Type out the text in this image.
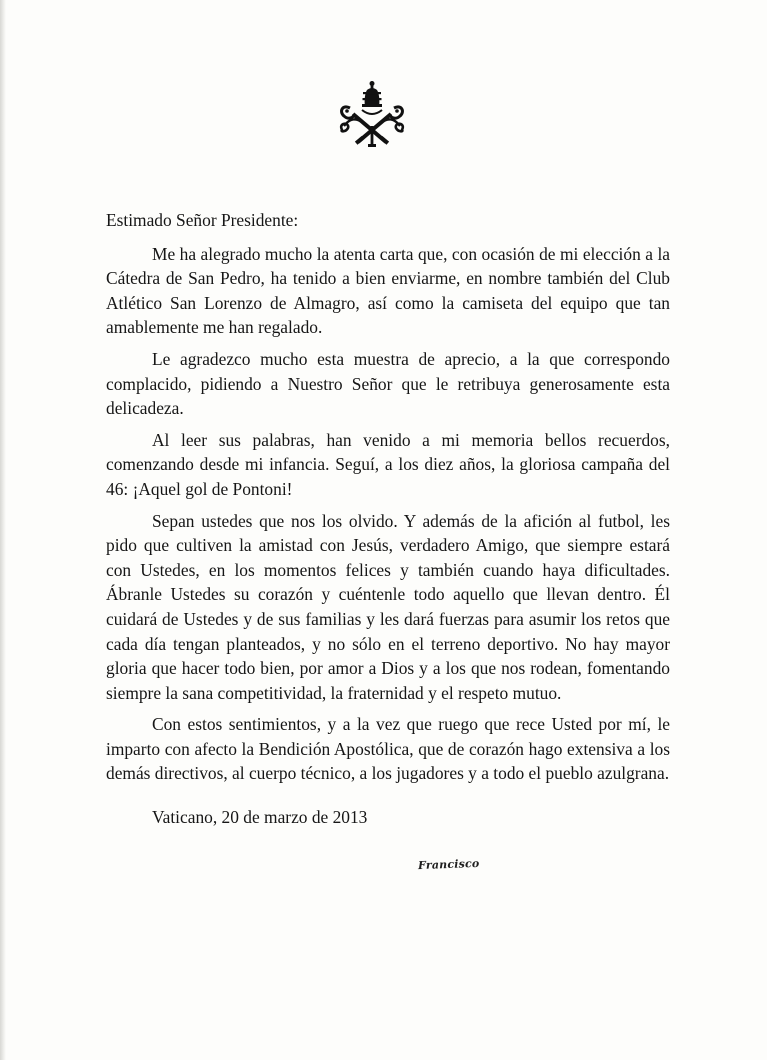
Estimado Señor Presidente:

Me ha alegrado mucho la atenta carta que, con ocasión de mi elección a la Cátedra de San Pedro, ha tenido a bien enviarme, en nombre también del Club Atlético San Lorenzo de Almagro, así como la camiseta del equipo que tan amablemente me han regalado.

Le agradezco mucho esta muestra de aprecio, a la que correspondo complacido, pidiendo a Nuestro Señor que le retribuya generosamente esta delicadeza.

Al leer sus palabras, han venido a mi memoria bellos recuerdos, comenzando desde mi infancia. Seguí, a los diez años, la gloriosa campaña del 46: ¡Aquel gol de Pontoni!

Sepan ustedes que nos los olvido. Y además de la afición al futbol, les pido que cultiven la amistad con Jesús, verdadero Amigo, que siempre estará con Ustedes, en los momentos felices y también cuando haya dificultades. Ábranle Ustedes su corazón y cuéntenle todo aquello que llevan dentro. Él cuidará de Ustedes y de sus familias y les dará fuerzas para asumir los retos que cada día tengan planteados, y no sólo en el terreno deportivo. No hay mayor gloria que hacer todo bien, por amor a Dios y a los que nos rodean, fomentando siempre la sana competitividad, la fraternidad y el respeto mutuo.

Con estos sentimientos, y a la vez que ruego que rece Usted por mí, le imparto con afecto la Bendición Apostólica, que de corazón hago extensiva a los demás directivos, al cuerpo técnico, a los jugadores y a todo el pueblo azulgrana.

Vaticano, 20 de marzo de 2013

Francisco
